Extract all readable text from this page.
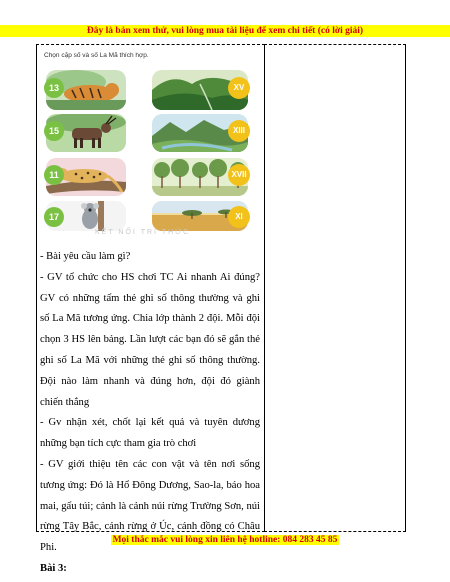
Đây là bản xem thử, vui lòng mua tài liệu để xem chi tiết (có lời giải)
Chọn cặp số và số La Mã thích hợp.
13
15
11
17
XV
XIII
XVII
XI
KẾT NỐI TRI THỨC

- Bài yêu cầu làm gì?

- GV tổ chức cho HS chơi TC Ai nhanh Ai đúng? GV có những tấm thẻ ghi số thông thường và ghi số La Mã tương ứng. Chia lớp thành 2 đội. Mỗi đội chọn 3 HS lên bảng. Lần lượt các bạn đó sẽ gắn thẻ ghi số La Mã với những thẻ ghi số thông thường. Đội nào làm nhanh và đúng hơn, đội đó giành chiến thắng

- Gv nhận xét, chốt lại kết quả và tuyên dương những bạn tích cực tham gia trò chơi

- GV giới thiệu tên các con vật và tên nơi sống tương ứng: Đó là Hổ Đông Dương, Sao-la, báo hoa mai, gấu túi; cảnh là cảnh núi rừng Trường Sơn, núi rừng Tây Bắc, cánh rừng ở Úc, cánh đồng có Châu Phi.

Bài 3:

Mọi thắc mắc vui lòng xin liên hệ hotline: 084 283 45 85
